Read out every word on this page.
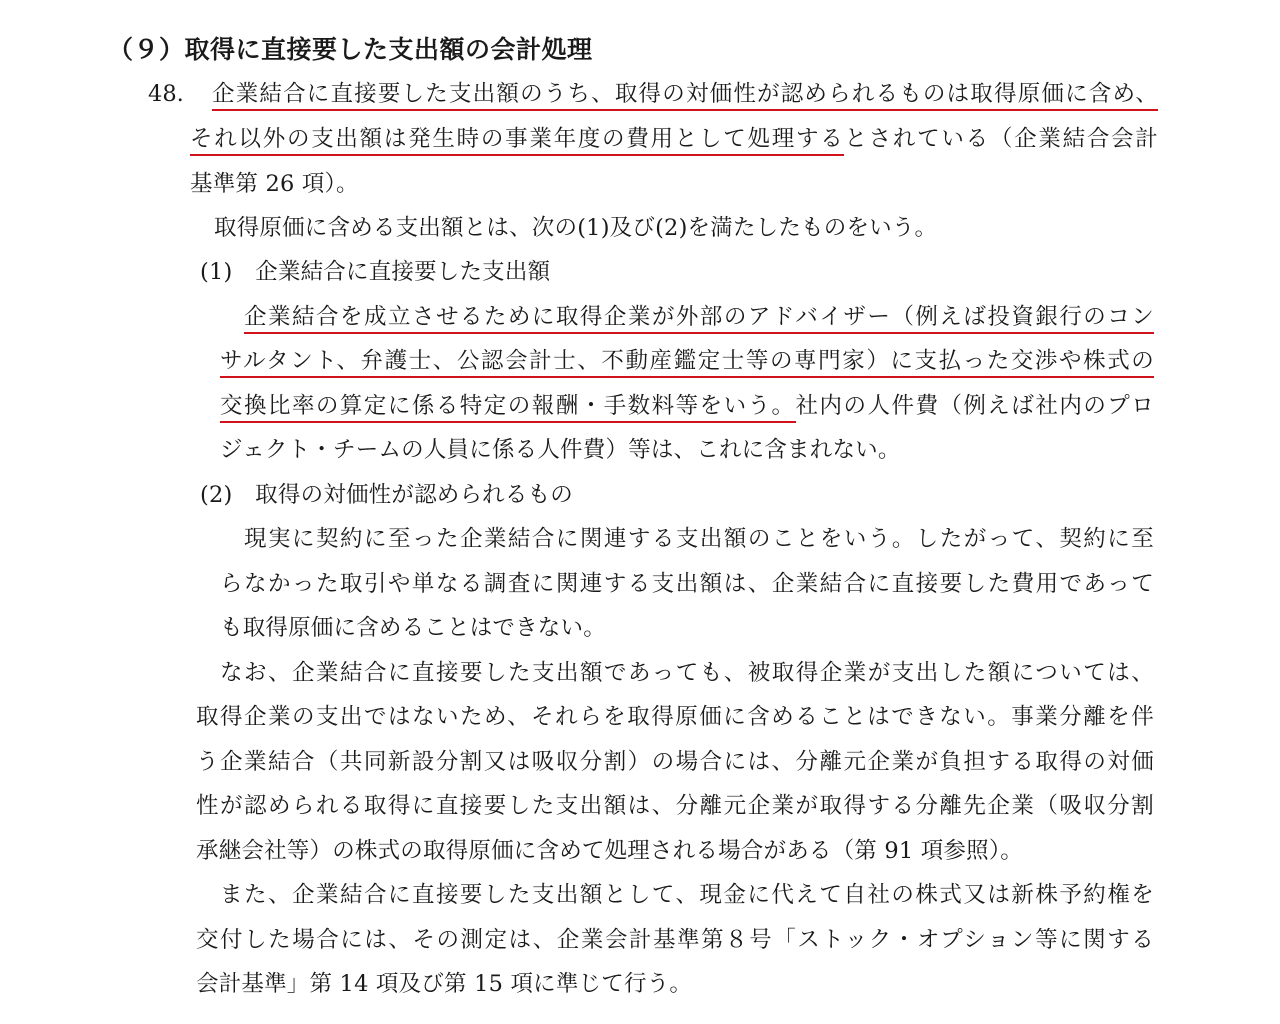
（９）取得に直接要した支出額の会計処理
48. 企業結合に直接要した支出額のうち、取得の対価性が認められるものは取得原価に含め、
それ以外の支出額は発生時の事業年度の費用として処理するとされている（企業結合会計
基準第 26 項）。
取得原価に含める支出額とは、次の(1)及び(2)を満たしたものをいう。
(1)　企業結合に直接要した支出額
企業結合を成立させるために取得企業が外部のアドバイザー（例えば投資銀行のコン
サルタント、弁護士、公認会計士、不動産鑑定士等の専門家）に支払った交渉や株式の
交換比率の算定に係る特定の報酬・手数料等をいう。社内の人件費（例えば社内のプロ
ジェクト・チームの人員に係る人件費）等は、これに含まれない。
(2)　取得の対価性が認められるもの
現実に契約に至った企業結合に関連する支出額のことをいう。したがって、契約に至
らなかった取引や単なる調査に関連する支出額は、企業結合に直接要した費用であって
も取得原価に含めることはできない。
なお、企業結合に直接要した支出額であっても、被取得企業が支出した額については、
取得企業の支出ではないため、それらを取得原価に含めることはできない。事業分離を伴
う企業結合（共同新設分割又は吸収分割）の場合には、分離元企業が負担する取得の対価
性が認められる取得に直接要した支出額は、分離元企業が取得する分離先企業（吸収分割
承継会社等）の株式の取得原価に含めて処理される場合がある（第 91 項参照）。
また、企業結合に直接要した支出額として、現金に代えて自社の株式又は新株予約権を
交付した場合には、その測定は、企業会計基準第８号「ストック・オプション等に関する
会計基準」第 14 項及び第 15 項に準じて行う。
